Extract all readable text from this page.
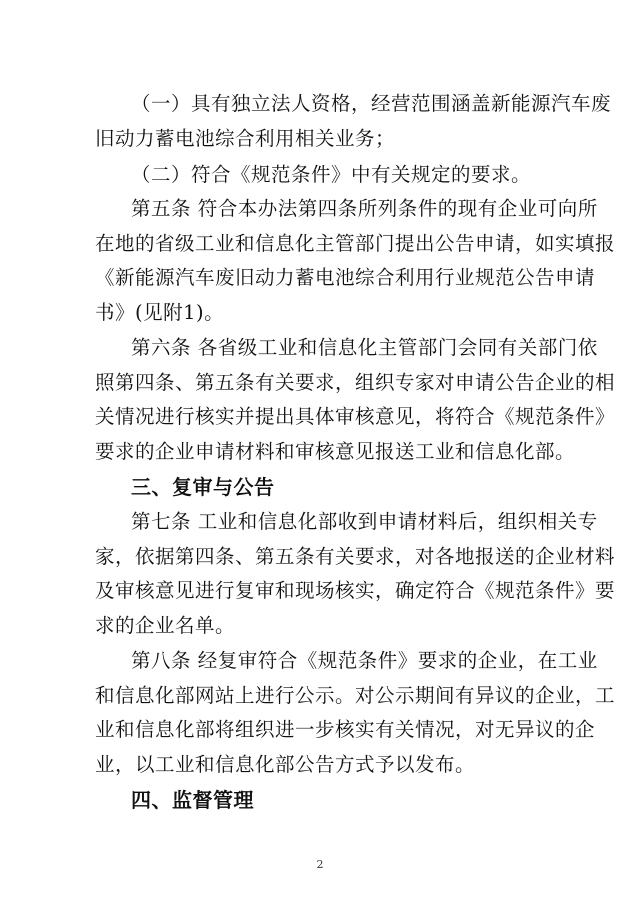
（一）具有独立法人资格，经营范围涵盖新能源汽车废
旧动力蓄电池综合利用相关业务；
（二）符合《规范条件》中有关规定的要求。
第五条 符合本办法第四条所列条件的现有企业可向所
在地的省级工业和信息化主管部门提出公告申请，如实填报
《新能源汽车废旧动力蓄电池综合利用行业规范公告申请
书》(见附1)。
第六条 各省级工业和信息化主管部门会同有关部门依
照第四条、第五条有关要求，组织专家对申请公告企业的相
关情况进行核实并提出具体审核意见，将符合《规范条件》
要求的企业申请材料和审核意见报送工业和信息化部。
三、复审与公告
第七条 工业和信息化部收到申请材料后，组织相关专
家，依据第四条、第五条有关要求，对各地报送的企业材料
及审核意见进行复审和现场核实，确定符合《规范条件》要
求的企业名单。
第八条 经复审符合《规范条件》要求的企业，在工业
和信息化部网站上进行公示。对公示期间有异议的企业，工
业和信息化部将组织进一步核实有关情况，对无异议的企
业，以工业和信息化部公告方式予以发布。
四、监督管理
2
